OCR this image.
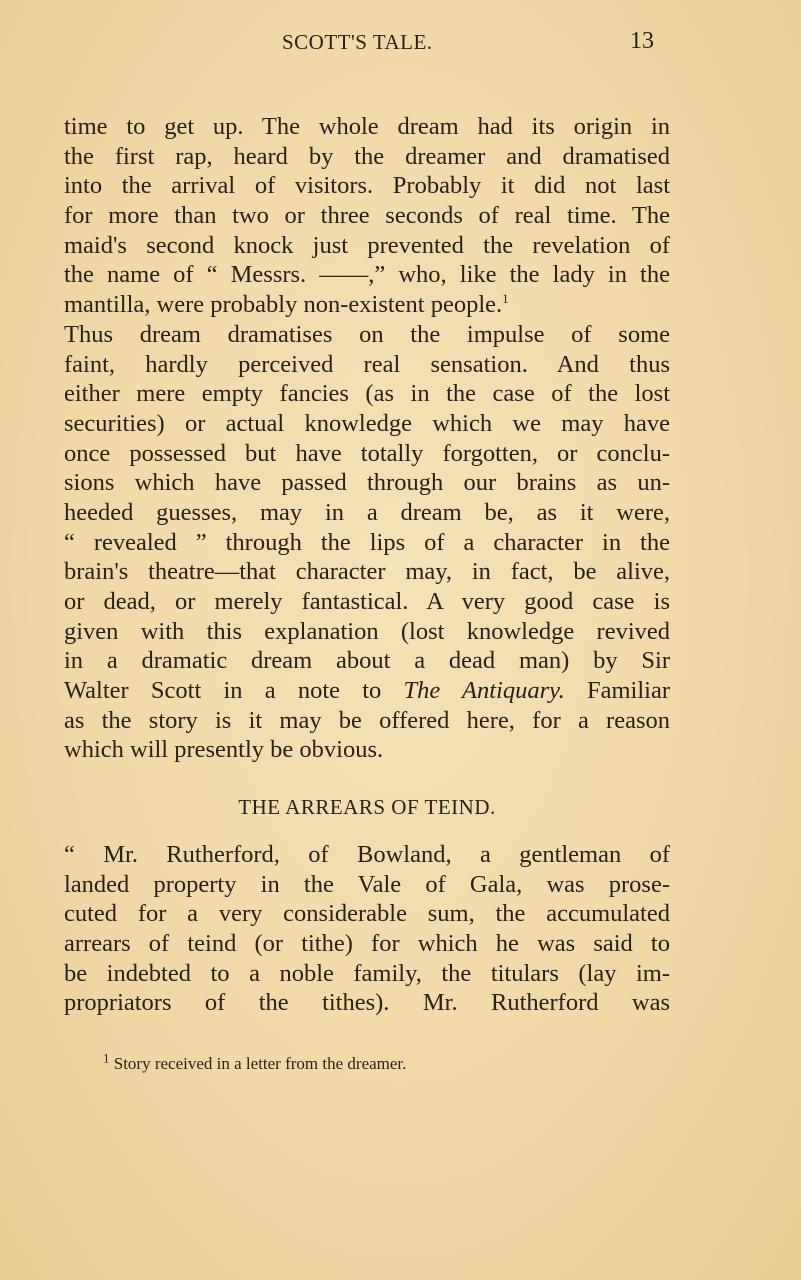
SCOTT'S TALE.	13
time to get up. The whole dream had its origin in
the first rap, heard by the dreamer and dramatised
into the arrival of visitors. Probably it did not last
for more than two or three seconds of real time. The
maid's second knock just prevented the revelation of
the name of “ Messrs. ——,” who, like the lady in the
mantilla, were probably non-existent people.$^1$
Thus dream dramatises on the impulse of some
faint, hardly perceived real sensation. And thus
either mere empty fancies (as in the case of the lost
securities) or actual knowledge which we may have
once possessed but have totally forgotten, or conclu-
sions which have passed through our brains as un-
heeded guesses, may in a dream be, as it were,
“ revealed ” through the lips of a character in the
brain's theatre—that character may, in fact, be alive,
or dead, or merely fantastical. A very good case is
given with this explanation (lost knowledge revived
in a dramatic dream about a dead man) by Sir
Walter Scott in a note to The Antiquary. Familiar
as the story is it may be offered here, for a reason
which will presently be obvious.
THE ARREARS OF TEIND.
“ Mr. Rutherford, of Bowland, a gentleman of
landed property in the Vale of Gala, was prose-
cuted for a very considerable sum, the accumulated
arrears of teind (or tithe) for which he was said to
be indebted to a noble family, the titulars (lay im-
propriators of the tithes). Mr. Rutherford was
$^1$ Story received in a letter from the dreamer.
